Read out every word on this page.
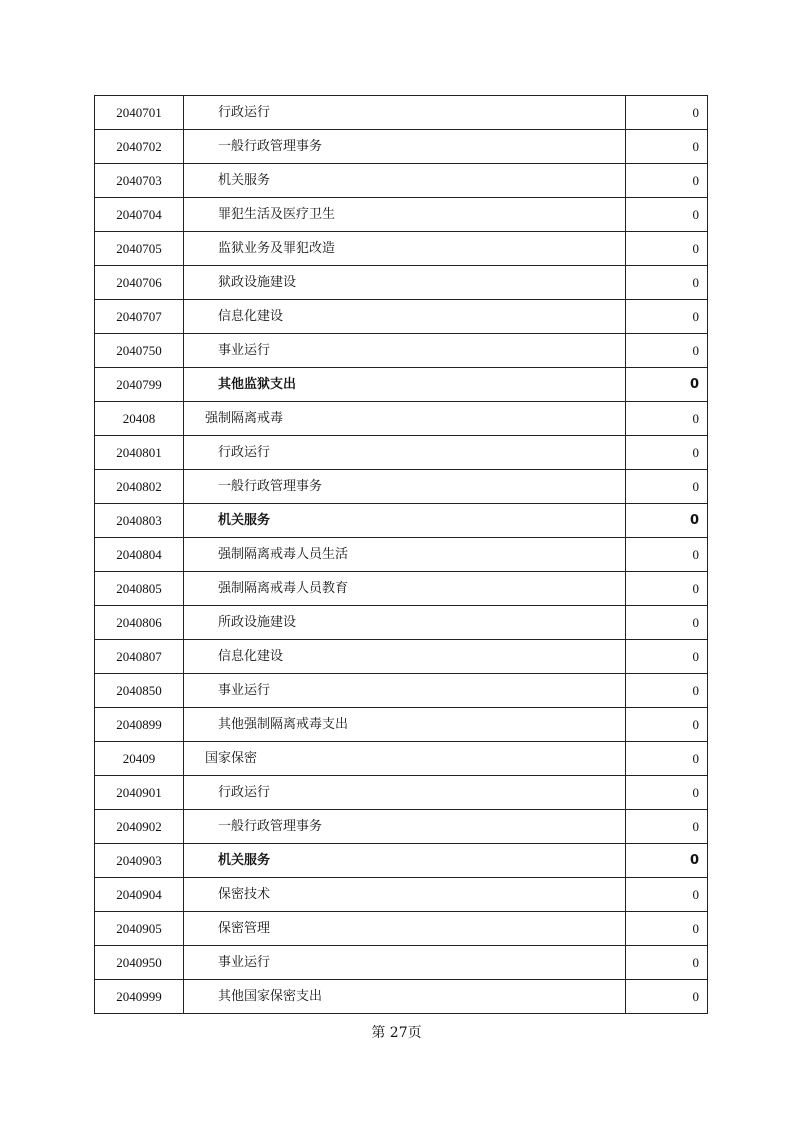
2040701	行政运行	0
2040702	一般行政管理事务	0
2040703	机关服务	0
2040704	罪犯生活及医疗卫生	0
2040705	监狱业务及罪犯改造	0
2040706	狱政设施建设	0
2040707	信息化建设	0
2040750	事业运行	0
2040799	其他监狱支出	0
20408	强制隔离戒毒	0
2040801	行政运行	0
2040802	一般行政管理事务	0
2040803	机关服务	0
2040804	强制隔离戒毒人员生活	0
2040805	强制隔离戒毒人员教育	0
2040806	所政设施建设	0
2040807	信息化建设	0
2040850	事业运行	0
2040899	其他强制隔离戒毒支出	0
20409	国家保密	0
2040901	行政运行	0
2040902	一般行政管理事务	0
2040903	机关服务	0
2040904	保密技术	0
2040905	保密管理	0
2040950	事业运行	0
2040999	其他国家保密支出	0
第 27页
